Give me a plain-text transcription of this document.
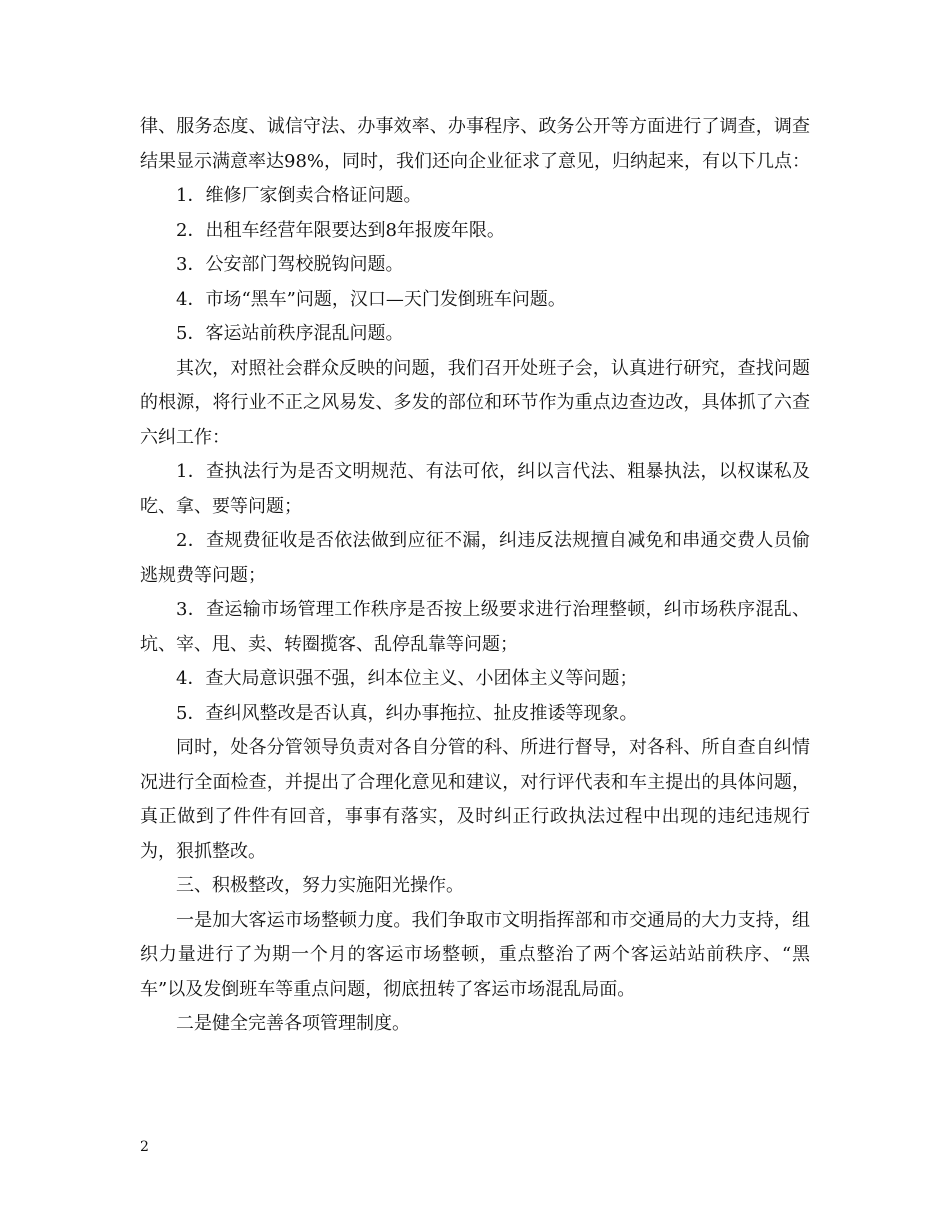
律、服务态度、诚信守法、办事效率、办事程序、政务公开等方面进行了调查，调查结果显示满意率达98%，同时，我们还向企业征求了意见，归纳起来，有以下几点：

1．维修厂家倒卖合格证问题。

2．出租车经营年限要达到8年报废年限。

3．公安部门驾校脱钩问题。

4．市场“黑车”问题，汉口—天门发倒班车问题。

5．客运站前秩序混乱问题。

其次，对照社会群众反映的问题，我们召开处班子会，认真进行研究，查找问题的根源，将行业不正之风易发、多发的部位和环节作为重点边查边改，具体抓了六查六纠工作：

1．查执法行为是否文明规范、有法可依，纠以言代法、粗暴执法，以权谋私及吃、拿、要等问题；

2．查规费征收是否依法做到应征不漏，纠违反法规擅自减免和串通交费人员偷逃规费等问题；

3．查运输市场管理工作秩序是否按上级要求进行治理整顿，纠市场秩序混乱、坑、宰、甩、卖、转圈揽客、乱停乱靠等问题；

4．查大局意识强不强，纠本位主义、小团体主义等问题；

5．查纠风整改是否认真，纠办事拖拉、扯皮推诿等现象。

同时，处各分管领导负责对各自分管的科、所进行督导，对各科、所自查自纠情况进行全面检查，并提出了合理化意见和建议，对行评代表和车主提出的具体问题，真正做到了件件有回音，事事有落实，及时纠正行政执法过程中出现的违纪违规行为，狠抓整改。

三、积极整改，努力实施阳光操作。

一是加大客运市场整顿力度。我们争取市文明指挥部和市交通局的大力支持，组织力量进行了为期一个月的客运市场整顿，重点整治了两个客运站站前秩序、“黑车”以及发倒班车等重点问题，彻底扭转了客运市场混乱局面。

二是健全完善各项管理制度。

2
